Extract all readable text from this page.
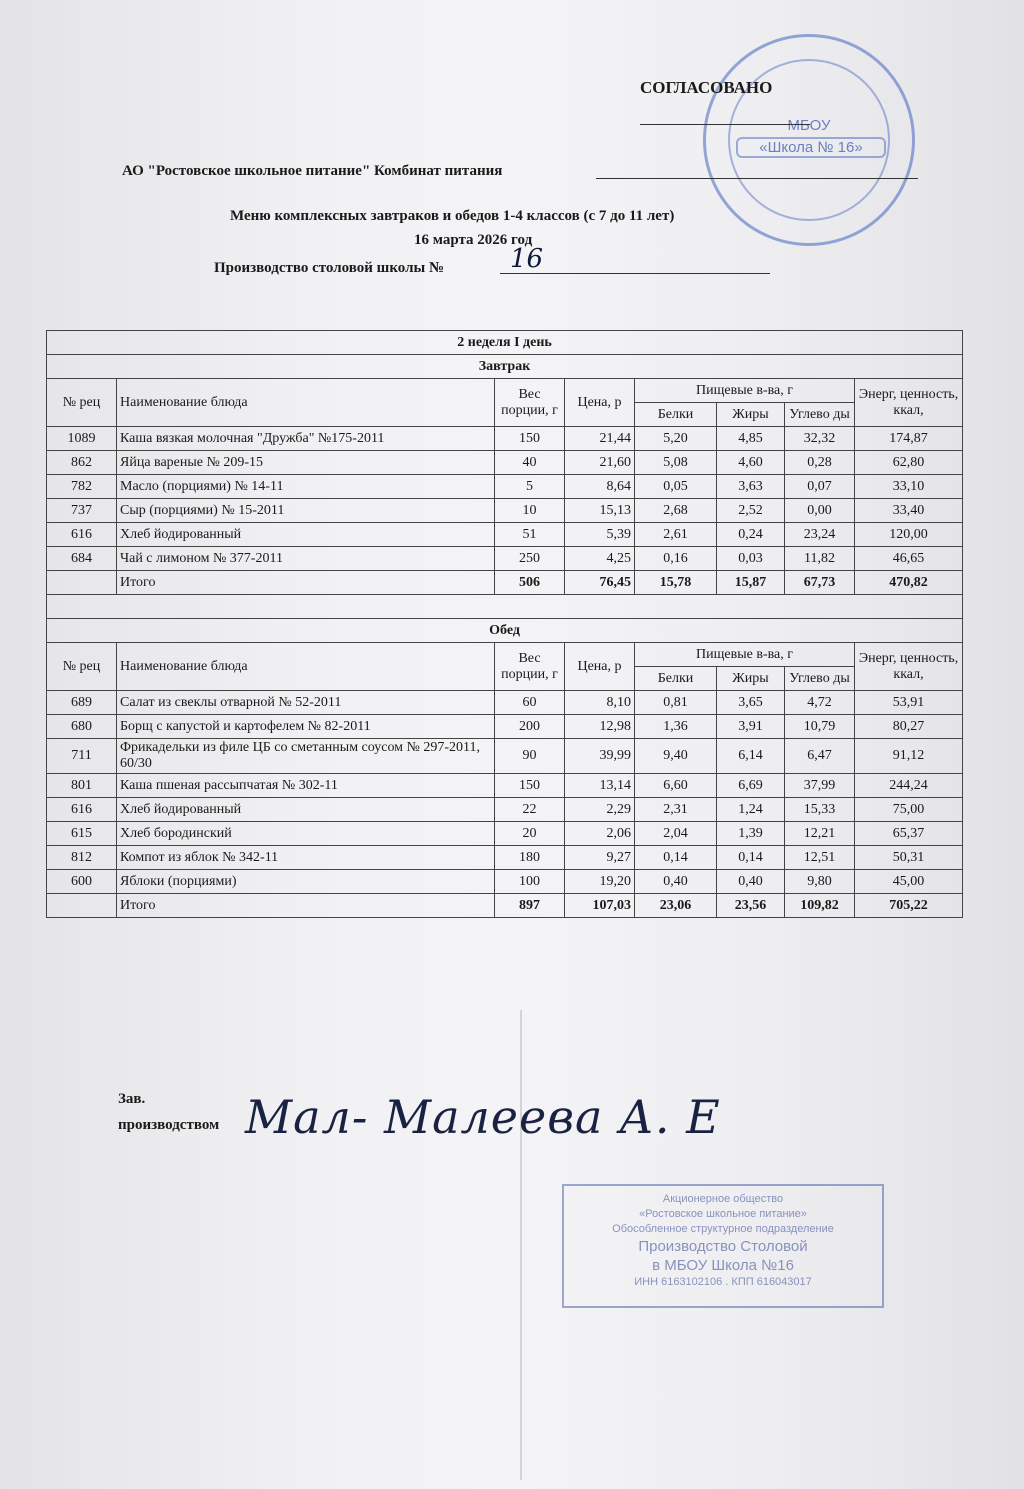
МБОУ
«Школа № 16»
СОГЛАСОВАНО
АО "Ростовское школьное питание" Комбинат питания
Меню комплексных завтраков и обедов 1-4 классов (с 7 до 11 лет)
16 марта 2026 год
Производство столовой школы №	16
2 неделя I день							
Завтрак							
№ рец	Наименование блюда	Вес порции, г	Цена, р	Пищевые в-ва, г			Энерг, ценность, ккал,
				Белки	Жиры	Углево ды	
1089	Каша вязкая молочная "Дружба" №175-2011	150	21,44	5,20	4,85	32,32	174,87
862	Яйца вареные № 209-15	40	21,60	5,08	4,60	0,28	62,80
782	Масло (порциями) № 14-11	5	8,64	0,05	3,63	0,07	33,10
737	Сыр (порциями) № 15-2011	10	15,13	2,68	2,52	0,00	33,40
616	Хлеб йодированный	51	5,39	2,61	0,24	23,24	120,00
684	Чай с лимоном № 377-2011	250	4,25	0,16	0,03	11,82	46,65
	Итого	506	76,45	15,78	15,87	67,73	470,82

Обед							
№ рец	Наименование блюда	Вес порции, г	Цена, р	Пищевые в-ва, г			Энерг, ценность, ккал,
				Белки	Жиры	Углево ды	
689	Салат из свеклы отварной № 52-2011	60	8,10	0,81	3,65	4,72	53,91
680	Борщ с капустой и картофелем № 82-2011	200	12,98	1,36	3,91	10,79	80,27
711	Фрикадельки из филе ЦБ со сметанным соусом № 297-2011, 60/30	90	39,99	9,40	6,14	6,47	91,12
801	Каша пшеная рассыпчатая № 302-11	150	13,14	6,60	6,69	37,99	244,24
616	Хлеб йодированный	22	2,29	2,31	1,24	15,33	75,00
615	Хлеб бородинский	20	2,06	2,04	1,39	12,21	65,37
812	Компот из яблок № 342-11	180	9,27	0,14	0,14	12,51	50,31
600	Яблоки (порциями)	100	19,20	0,40	0,40	9,80	45,00
	Итого	897	107,03	23,06	23,56	109,82	705,22
Зав.
производством Мал- Малеева А. Е
Акционерное общество
«Ростовское школьное питание»
Обособленное структурное подразделение
Производство Столовой
в МБОУ Школа №16
ИНН 6163102106 . КПП 616043017
